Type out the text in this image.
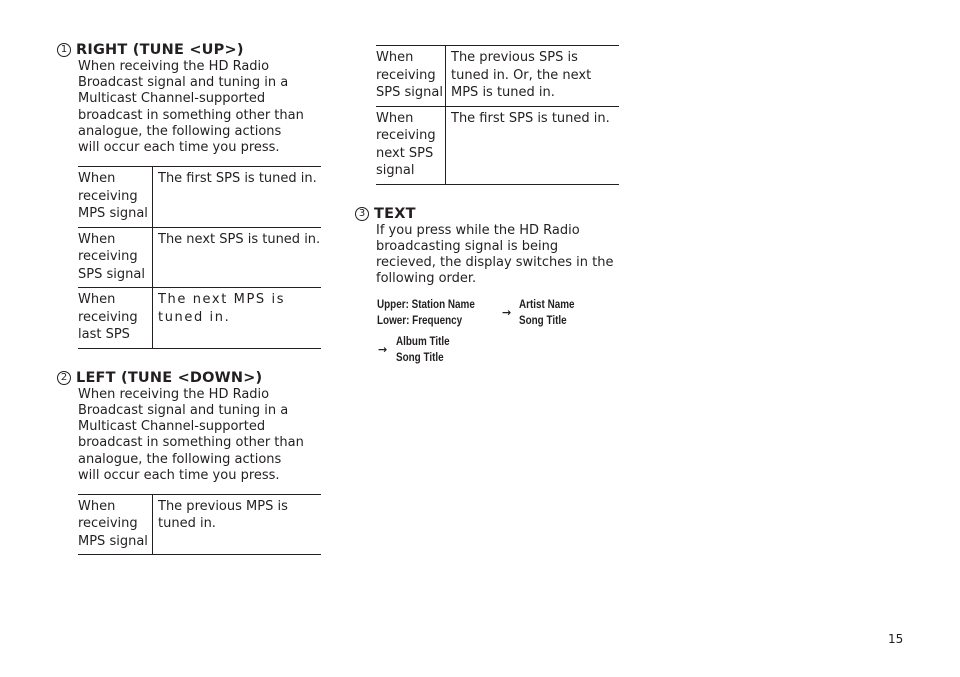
1 RIGHT (TUNE <UP>)

When receiving the HD Radio Broadcast signal and tuning in a Multicast Channel-supported broadcast in something other than analogue, the following actions will occur each time you press.

When receiving MPS signal	The first SPS is tuned in.
When receiving SPS signal	The next SPS is tuned in.
When receiving last SPS	The next MPS is tuned in.
2 LEFT (TUNE <DOWN>)

When receiving the HD Radio Broadcast signal and tuning in a Multicast Channel-supported broadcast in something other than analogue, the following actions will occur each time you press.

When receiving MPS signal	The previous MPS is tuned in.
When receiving SPS signal	The previous SPS is tuned in. Or, the next MPS is tuned in.
When receiving next SPS signal	The first SPS is tuned in.
3 TEXT

If you press while the HD Radio broadcasting signal is being recieved, the display switches in the following order.

Upper: Station Name
Lower: Frequency
→
Artist Name
Song Title
→
Album Title
Song Title
15
